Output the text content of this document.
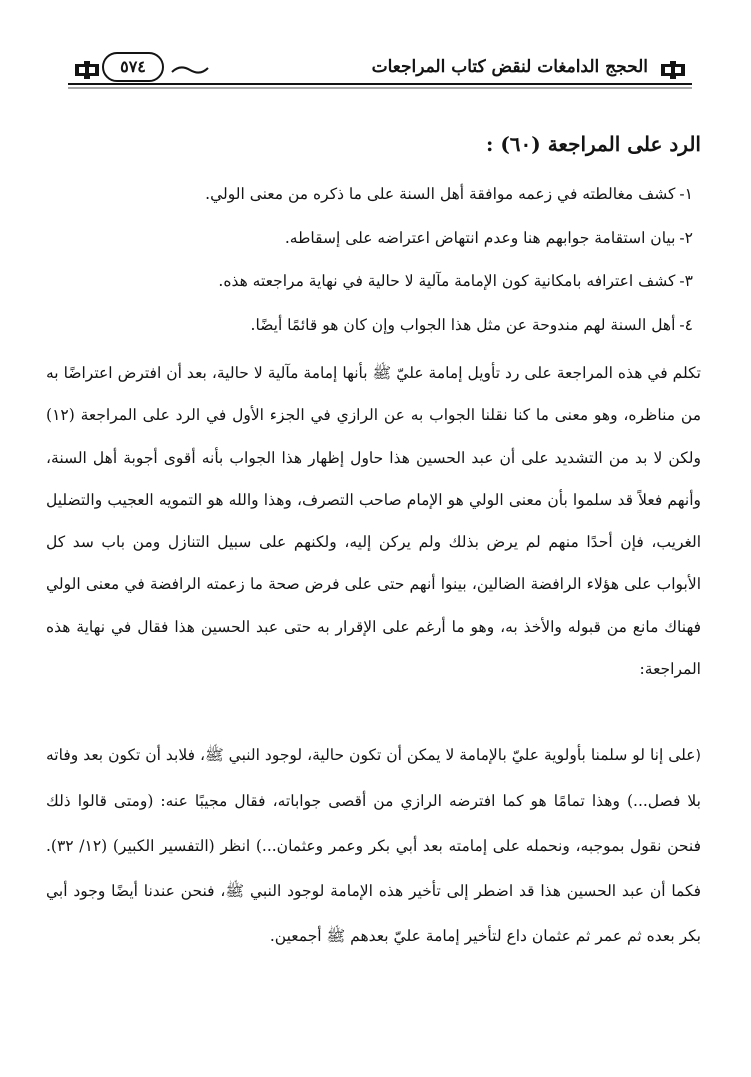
٥٧٤	الحجج الدامغات لنقض كتاب المراجعات
الرد على المراجعة (٦٠) :
١-كشف مغالطته في زعمه موافقة أهل السنة على ما ذكره من معنى الولي.
٢-بيان استقامة جوابهم هنا وعدم انتهاض اعتراضه على إسقاطه.
٣-كشف اعترافه بامكانية كون الإمامة مآلية لا حالية في نهاية مراجعته هذه.
٤-أهل السنة لهم مندوحة عن مثل هذا الجواب وإن كان هو قائمًا أيضًا.
تكلم في هذه المراجعة على رد تأويل إمامة عليّ ﷺ بأنها إمامة مآلية لا حالية، بعد أن افترض اعتراضًا به من مناظره، وهو معنى ما كنا نقلنا الجواب به عن الرازي في الجزء الأول في الرد على المراجعة (١٢) ولكن لا بد من التشديد على أن عبد الحسين هذا حاول إظهار هذا الجواب بأنه أقوى أجوبة أهل السنة، وأنهم فعلاً قد سلموا بأن معنى الولي هو الإمام صاحب التصرف، وهذا والله هو التمويه العجيب والتضليل الغريب، فإن أحدًا منهم لم يرض بذلك ولم يركن إليه، ولكنهم على سبيل التنازل ومن باب سد كل الأبواب على هؤلاء الرافضة الضالين، بينوا أنهم حتى على فرض صحة ما زعمته الرافضة في معنى الولي فهناك مانع من قبوله والأخذ به، وهو ما أرغم على الإقرار به حتى عبد الحسين هذا فقال في نهاية هذه المراجعة:
(على إنا لو سلمنا بأولوية عليّ بالإمامة لا يمكن أن تكون حالية، لوجود النبي ﷺ، فلابد أن تكون بعد وفاته بلا فصل...) وهذا تمامًا هو كما افترضه الرازي من أقصى جواباته، فقال مجيبًا عنه: (ومتى قالوا ذلك فنحن نقول بموجبه، ونحمله على إمامته بعد أبي بكر وعمر وعثمان...) انظر (التفسير الكبير) (١٢/ ٣٢). فكما أن عبد الحسين هذا قد اضطر إلى تأخير هذه الإمامة لوجود النبي ﷺ، فنحن عندنا أيضًا وجود أبي بكر بعده ثم عمر ثم عثمان داع لتأخير إمامة عليّ بعدهم ﷺ أجمعين.
